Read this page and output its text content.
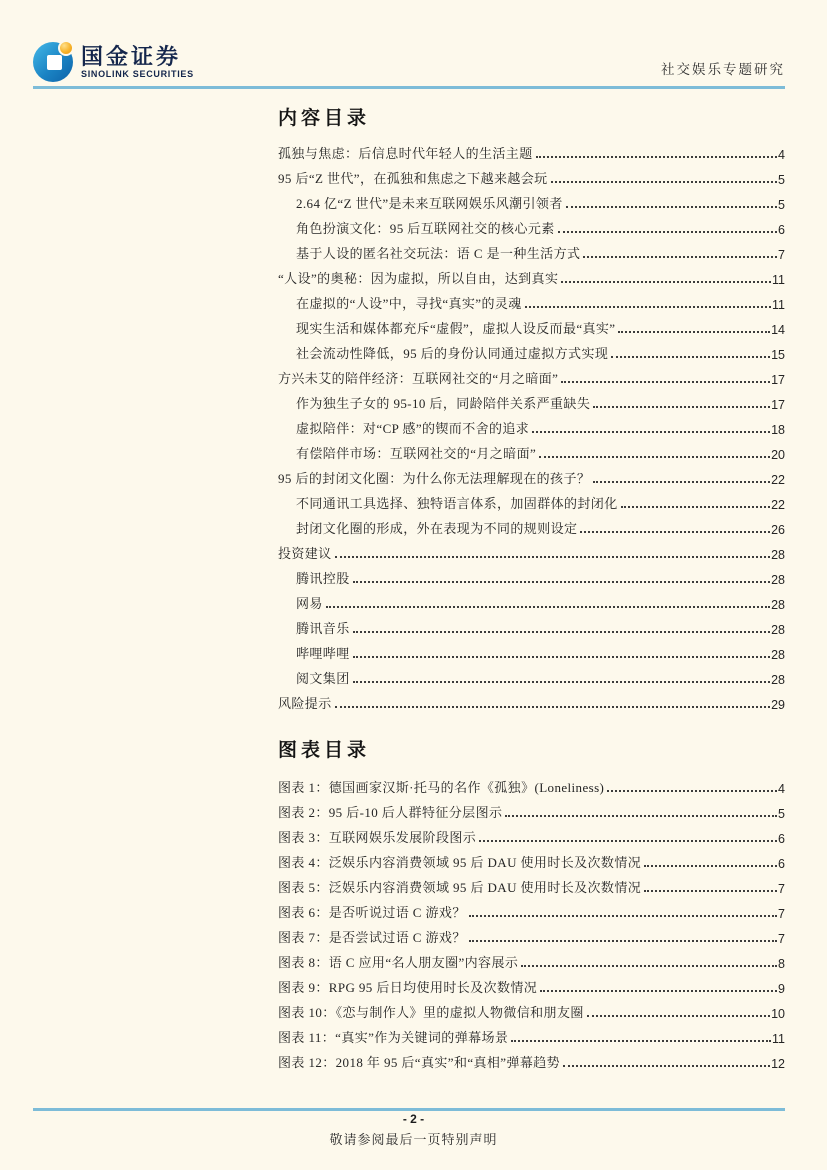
国金证券
SINOLINK SECURITIES	社交娱乐专题研究
内容目录
孤独与焦虑：后信息时代年轻人的生活主题	4
95 后“Z 世代”，在孤独和焦虑之下越来越会玩	5
2.64 亿“Z 世代”是未来互联网娱乐风潮引领者	5
角色扮演文化：95 后互联网社交的核心元素	6
基于人设的匿名社交玩法：语 C 是一种生活方式	7
“人设”的奥秘：因为虚拟，所以自由，达到真实	11
在虚拟的“人设”中，寻找“真实”的灵魂	11
现实生活和媒体都充斥“虚假”，虚拟人设反而最“真实”	14
社会流动性降低，95 后的身份认同通过虚拟方式实现	15
方兴未艾的陪伴经济：互联网社交的“月之暗面”	17
作为独生子女的 95-10 后，同龄陪伴关系严重缺失	17
虚拟陪伴：对“CP 感”的锲而不舍的追求	18
有偿陪伴市场：互联网社交的“月之暗面”	20
95 后的封闭文化圈：为什么你无法理解现在的孩子？	22
不同通讯工具选择、独特语言体系，加固群体的封闭化	22
封闭文化圈的形成，外在表现为不同的规则设定	26
投资建议	28
腾讯控股	28
网易	28
腾讯音乐	28
哔哩哔哩	28
阅文集团	28
风险提示	29
图表目录
图表 1：德国画家汉斯·托马的名作《孤独》(Loneliness)	4
图表 2：95 后-10 后人群特征分层图示	5
图表 3：互联网娱乐发展阶段图示	6
图表 4：泛娱乐内容消费领域 95 后 DAU 使用时长及次数情况	6
图表 5：泛娱乐内容消费领域 95 后 DAU 使用时长及次数情况	7
图表 6：是否听说过语 C 游戏？	7
图表 7：是否尝试过语 C 游戏？	7
图表 8：语 C 应用“名人朋友圈”内容展示	8
图表 9：RPG 95 后日均使用时长及次数情况	9
图表 10：《恋与制作人》里的虚拟人物微信和朋友圈	10
图表 11：“真实”作为关键词的弹幕场景	11
图表 12：2018 年 95 后“真实”和“真相”弹幕趋势	12
- 2 -
敬请参阅最后一页特别声明
